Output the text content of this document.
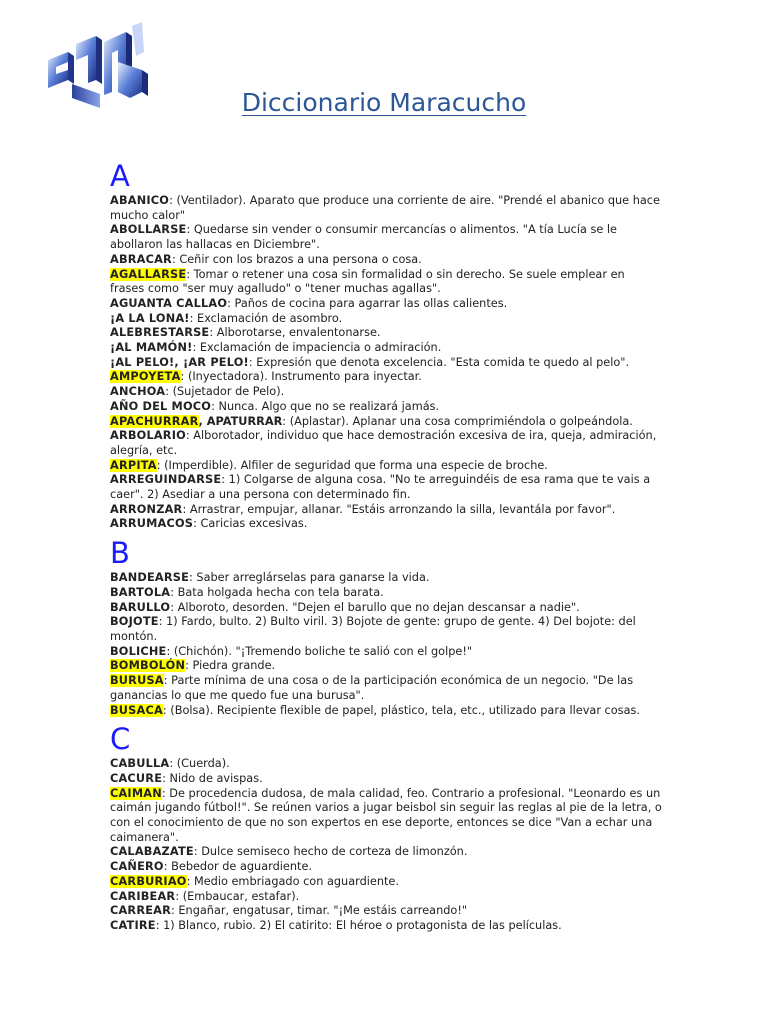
Diccionario Maracucho
A
ABANICO: (Ventilador). Aparato que produce una corriente de aire. "Prendé el abanico que hace mucho calor"
ABOLLARSE: Quedarse sin vender o consumir mercancías o alimentos. "A tía Lucía se le abollaron las hallacas en Diciembre".
ABRACAR: Ceñir con los brazos a una persona o cosa.
AGALLARSE: Tomar o retener una cosa sin formalidad o sin derecho. Se suele emplear en frases como "ser muy agalludo" o "tener muchas agallas".
AGUANTA CALLAO: Paños de cocina para agarrar las ollas calientes.
¡A LA LONA!: Exclamación de asombro.
ALEBRESTARSE: Alborotarse, envalentonarse.
¡AL MAMÓN!: Exclamación de impaciencia o admiración.
¡AL PELO!, ¡AR PELO!: Expresión que denota excelencia. "Esta comida te quedo al pelo".
AMPOYETA: (Inyectadora). Instrumento para inyectar.
ANCHOA: (Sujetador de Pelo).
AÑO DEL MOCO: Nunca. Algo que no se realizará jamás.
APACHURRAR, APATURRAR: (Aplastar). Aplanar una cosa comprimiéndola o golpeándola.
ARBOLARIO: Alborotador, individuo que hace demostración excesiva de ira, queja, admiración, alegría, etc.
ARPITA: (Imperdible). Alfiler de seguridad que forma una especie de broche.
ARREGUINDARSE: 1) Colgarse de alguna cosa. "No te arreguindéis de esa rama que te vais a caer". 2) Asediar a una persona con determinado fin.
ARRONZAR: Arrastrar, empujar, allanar. "Estáis arronzando la silla, levantála por favor".
ARRUMACOS: Caricias excesivas.
B
BANDEARSE: Saber arreglárselas para ganarse la vida.
BARTOLA: Bata holgada hecha con tela barata.
BARULLO: Alboroto, desorden. "Dejen el barullo que no dejan descansar a nadie".
BOJOTE: 1) Fardo, bulto. 2) Bulto viril. 3) Bojote de gente: grupo de gente. 4) Del bojote: del montón.
BOLICHE: (Chichón). "¡Tremendo boliche te salió con el golpe!"
BOMBOLÓN: Piedra grande.
BURUSA: Parte mínima de una cosa o de la participación económica de un negocio. "De las ganancias lo que me quedo fue una burusa".
BUSACA: (Bolsa). Recipiente flexible de papel, plástico, tela, etc., utilizado para llevar cosas.
C
CABULLA: (Cuerda).
CACURE: Nido de avispas.
CAIMAN: De procedencia dudosa, de mala calidad, feo. Contrario a profesional. "Leonardo es un caimán jugando fútbol!". Se reúnen varios a jugar beisbol sin seguir las reglas al pie de la letra, o con el conocimiento de que no son expertos en ese deporte, entonces se dice "Van a echar una caimanera".
CALABAZATE: Dulce semiseco hecho de corteza de limonzón.
CAÑERO: Bebedor de aguardiente.
CARBURIAO: Medio embriagado con aguardiente.
CARIBEAR: (Embaucar, estafar).
CARREAR: Engañar, engatusar, timar. "¡Me estáis carreando!"
CATIRE: 1) Blanco, rubio. 2) El catirito: El héroe o protagonista de las películas.
